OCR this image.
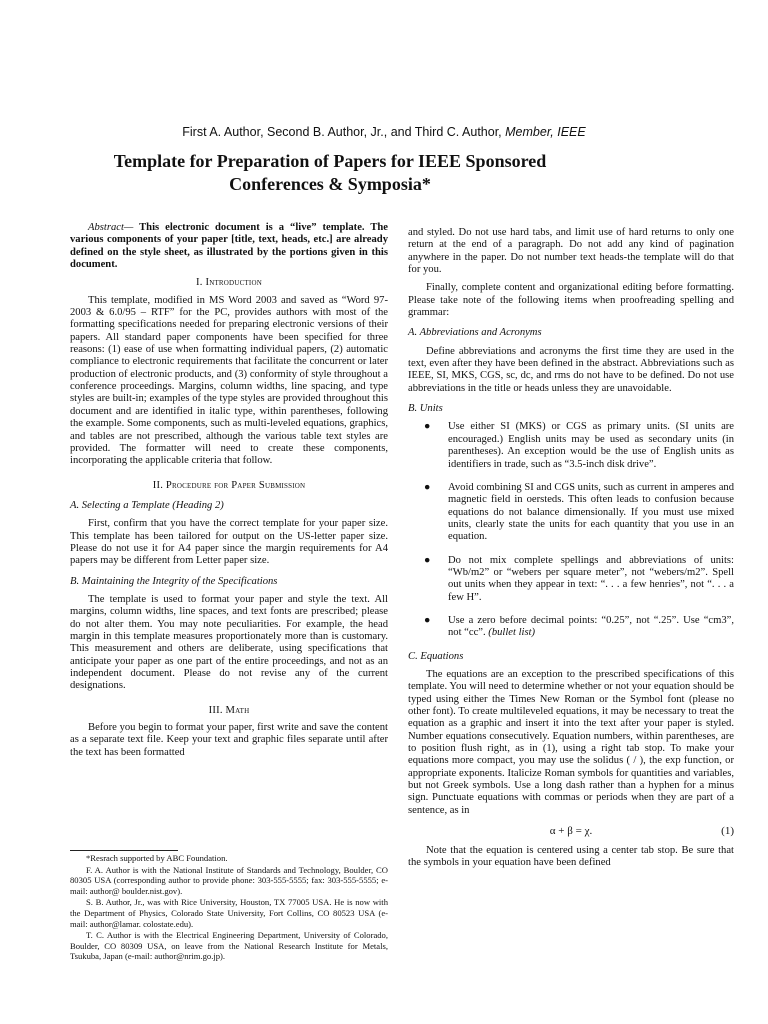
First A. Author, Second B. Author, Jr., and Third C. Author, Member, IEEE
Template for Preparation of Papers for IEEE Sponsored
Conferences & Symposia*

Abstract— This electronic document is a “live” template. The various components of your paper [title, text, heads, etc.] are already defined on the style sheet, as illustrated by the portions given in this document.

I. Introduction

This template, modified in MS Word 2003 and saved as “Word 97-2003 & 6.0/95 – RTF” for the PC, provides authors with most of the formatting specifications needed for preparing electronic versions of their papers. All standard paper components have been specified for three reasons: (1) ease of use when formatting individual papers, (2) automatic compliance to electronic requirements that facilitate the concurrent or later production of electronic products, and (3) conformity of style throughout a conference proceedings. Margins, column widths, line spacing, and type styles are built-in; examples of the type styles are provided throughout this document and are identified in italic type, within parentheses, following the example. Some components, such as multi-leveled equations, graphics, and tables are not prescribed, although the various table text styles are provided. The formatter will need to create these components, incorporating the applicable criteria that follow.

II. Procedure for Paper Submission
A. Selecting a Template (Heading 2)

First, confirm that you have the correct template for your paper size. This template has been tailored for output on the US-letter paper size. Please do not use it for A4 paper since the margin requirements for A4 papers may be different from Letter paper size.

B. Maintaining the Integrity of the Specifications

The template is used to format your paper and style the text. All margins, column widths, line spaces, and text fonts are prescribed; please do not alter them. You may note peculiarities. For example, the head margin in this template measures proportionately more than is customary. This measurement and others are deliberate, using specifications that anticipate your paper as one part of the entire proceedings, and not as an independent document. Please do not revise any of the current designations.

III. Math

Before you begin to format your paper, first write and save the content as a separate text file. Keep your text and graphic files separate until after the text has been formatted

*Resrach supported by ABC Foundation.

F. A. Author is with the National Institute of Standards and Technology, Boulder, CO 80305 USA (corresponding author to provide phone: 303-555-5555; fax: 303-555-5555; e-mail: author@ boulder.nist.gov).

S. B. Author, Jr., was with Rice University, Houston, TX 77005 USA. He is now with the Department of Physics, Colorado State University, Fort Collins, CO 80523 USA (e-mail: author@lamar. colostate.edu).

T. C. Author is with the Electrical Engineering Department, University of Colorado, Boulder, CO 80309 USA, on leave from the National Research Institute for Metals, Tsukuba, Japan (e-mail: author@nrim.go.jp).

and styled. Do not use hard tabs, and limit use of hard returns to only one return at the end of a paragraph. Do not add any kind of pagination anywhere in the paper. Do not number text heads-the template will do that for you.

Finally, complete content and organizational editing before formatting. Please take note of the following items when proofreading spelling and grammar:

A. Abbreviations and Acronyms

Define abbreviations and acronyms the first time they are used in the text, even after they have been defined in the abstract. Abbreviations such as IEEE, SI, MKS, CGS, sc, dc, and rms do not have to be defined. Do not use abbreviations in the title or heads unless they are unavoidable.

B. Units
● Use either SI (MKS) or CGS as primary units. (SI units are encouraged.) English units may be used as secondary units (in parentheses). An exception would be the use of English units as identifiers in trade, such as “3.5-inch disk drive”.
● Avoid combining SI and CGS units, such as current in amperes and magnetic field in oersteds. This often leads to confusion because equations do not balance dimensionally. If you must use mixed units, clearly state the units for each quantity that you use in an equation.
● Do not mix complete spellings and abbreviations of units: “Wb/m2” or “webers per square meter”, not “webers/m2”. Spell out units when they appear in text: “. . . a few henries”, not “. . . a few H”.
● Use a zero before decimal points: “0.25”, not “.25”. Use “cm3”, not “cc”. (bullet list)
C. Equations

The equations are an exception to the prescribed specifications of this template. You will need to determine whether or not your equation should be typed using either the Times New Roman or the Symbol font (please no other font). To create multileveled equations, it may be necessary to treat the equation as a graphic and insert it into the text after your paper is styled. Number equations consecutively. Equation numbers, within parentheses, are to position flush right, as in (1), using a right tab stop. To make your equations more compact, you may use the solidus ( / ), the exp function, or appropriate exponents. Italicize Roman symbols for quantities and variables, but not Greek symbols. Use a long dash rather than a hyphen for a minus sign. Punctuate equations with commas or periods when they are part of a sentence, as in

α + β = χ.	(1)

Note that the equation is centered using a center tab stop. Be sure that the symbols in your equation have been defined
